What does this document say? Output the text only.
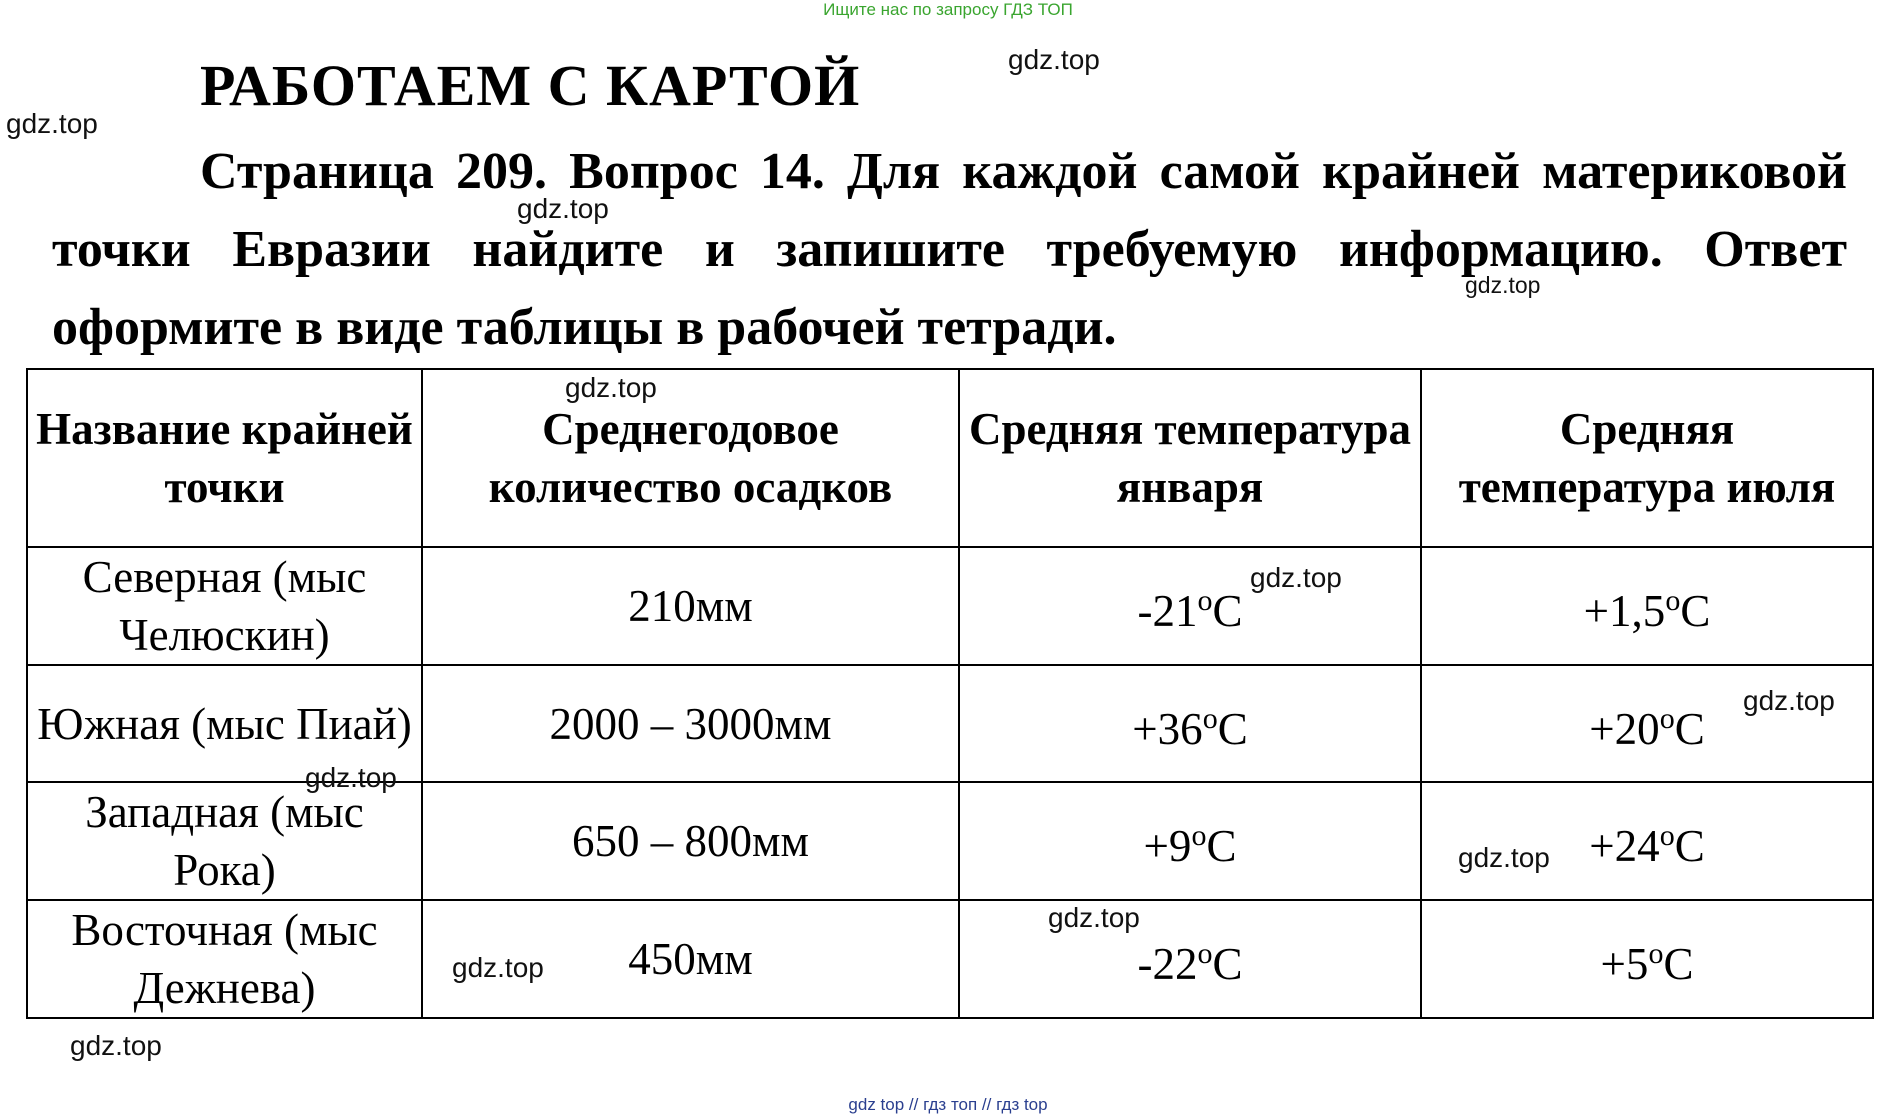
Ищите нас по запросу ГДЗ ТОП
РАБОТАЕМ С КАРТОЙ
Страница 209. Вопрос 14. Для каждой самой крайней материковой точки Евразии найдите и запишите требуемую информацию. Ответ оформите в виде таблицы в рабочей тетради.
Название крайней точки	Среднегодовое количество осадков	Средняя температура января	Средняя температура июля
Северная (мыс Челюскин)	210мм	$-21^oC$	$+1,5^oC$
Южная (мыс Пиай)	2000 – 3000мм	$+36^oC$	$+20^oC$
Западная (мыс Рока)	650 – 800мм	$+9^oC$	$+24^oC$
Восточная (мыс Дежнева)	450мм	$-22^oC$	$+5^oC$
gdz.top
gdz.top
gdz.top
gdz.top
gdz.top
gdz.top
gdz.top
gdz.top
gdz.top
gdz.top
gdz.top
gdz.top
gdz top // гдз топ // гдз top
